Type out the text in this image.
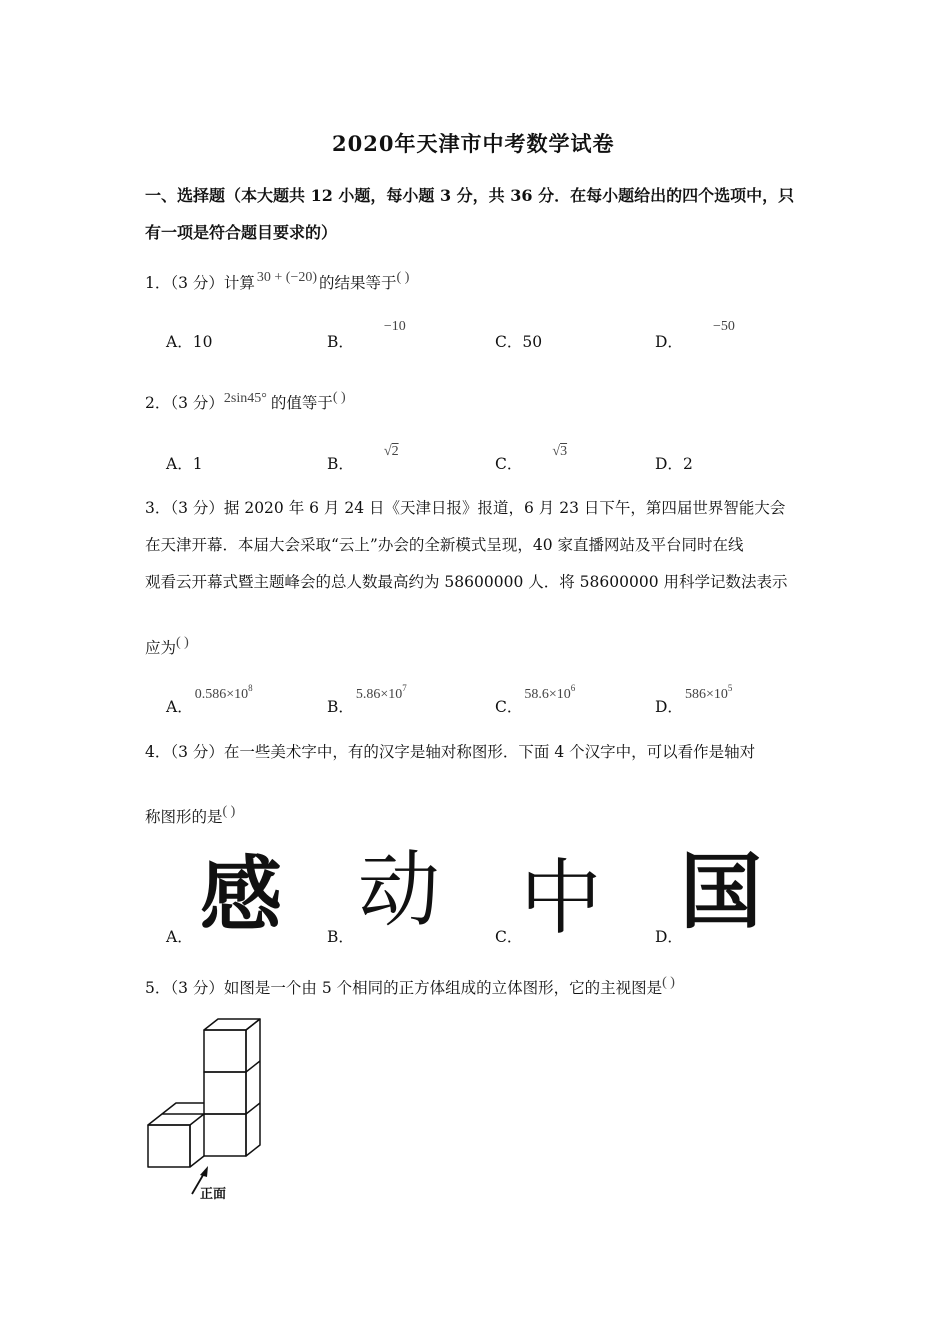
2020年天津市中考数学试卷
一、选择题（本大题共 12 小题，每小题 3 分，共 36 分．在每小题给出的四个选项中，只
有一项是符合题目要求的）
1．（3 分）计算 30 + (−20) 的结果等于( )
A．10	B．−10
C．50	D．−50
2．（3 分）2sin45° 的值等于( )
A．1	B．√2
C．√3
D．2
3．（3 分）据 2020 年 6 月 24 日《天津日报》报道，6 月 23 日下午，第四届世界智能大会
在天津开幕．本届大会采取“云上”办会的全新模式呈现，40 家直播网站及平台同时在线
观看云开幕式暨主题峰会的总人数最高约为 58600000 人．将 58600000 用科学记数法表示
应为( )
A．$0.586\times 10^8$
B．$5.86\times 10^7$
C．$58.6\times 10^6$
D．$586\times 10^5$
4．（3 分）在一些美术字中，有的汉字是轴对称图形．下面 4 个汉字中，可以看作是轴对
称图形的是( )
A． 感	B． 动	C．
中	D．
国
5．（3 分）如图是一个由 5 个相同的正方体组成的立体图形，它的主视图是( )
正面
